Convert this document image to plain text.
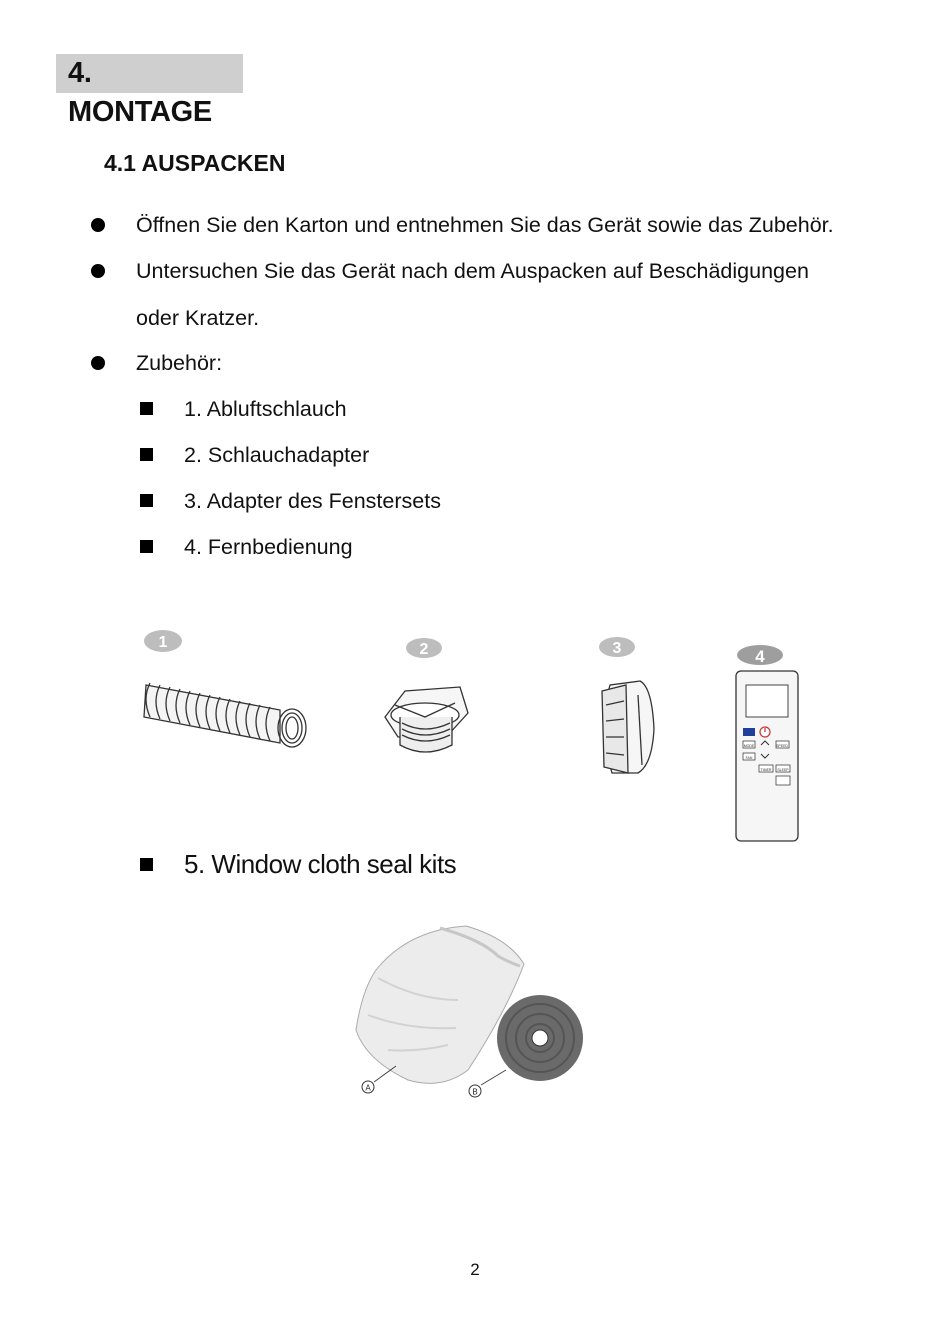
4. MONTAGE
4.1 AUSPACKEN
Öffnen Sie den Karton und entnehmen Sie das Gerät sowie das Zubehör.
Untersuchen Sie das Gerät nach dem Auspacken auf Beschädigungen
oder Kratzer.
Zubehör:
1. Abluftschlauch
2. Schlauchadapter
3. Adapter des Fenstersets
4. Fernbedienung
1	2	3	4
MODE	SPEED
FAN
TIMER SLEEP
5. Window cloth seal kits
A	B
2
